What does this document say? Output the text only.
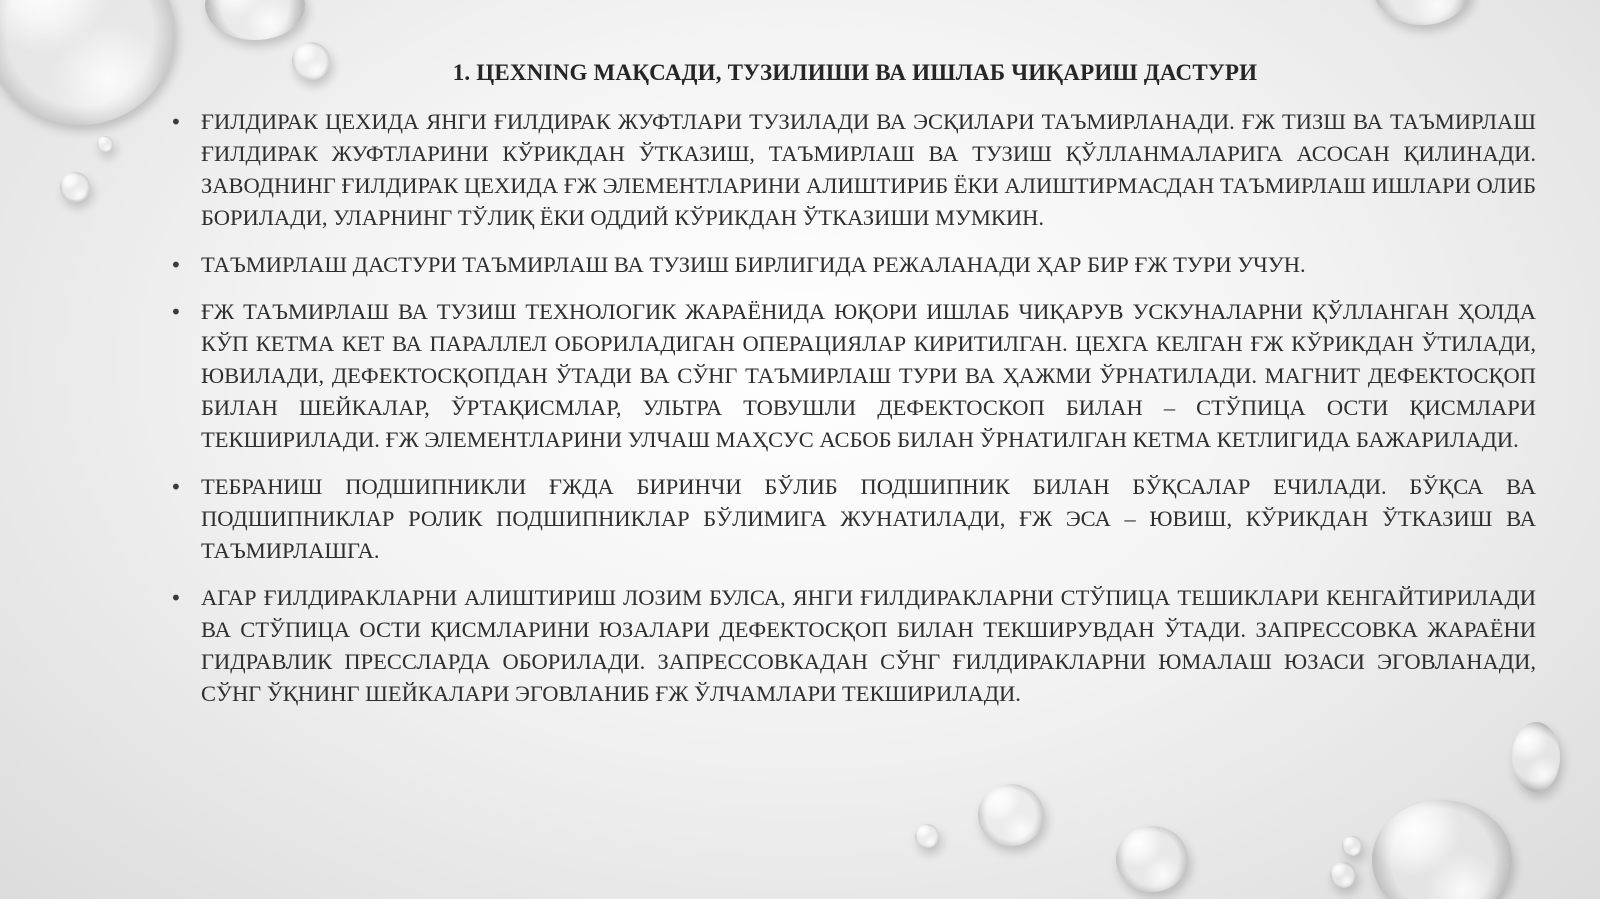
1. ЦЕXNING МАҚСАДИ, ТУЗИЛИШИ ВА ИШЛАБ ЧИҚАРИШ ДАСТУРИ
• ҒИЛДИРАК ЦЕХИДА ЯНГИ ҒИЛДИРАК ЖУФТЛАРИ ТУЗИЛАДИ ВА ЭСҚИЛАРИ ТАЪМИРЛАНАДИ. ҒЖ ТИЗШ ВА ТАЪМИРЛАШ ҒИЛДИРАК ЖУФТЛАРИНИ КЎРИКДАН ЎТКАЗИШ, ТАЪМИРЛАШ ВА ТУЗИШ ҚЎЛЛАНМАЛАРИГА АСОСАН ҚИЛИНАДИ. ЗАВОДНИНГ ҒИЛДИРАК ЦЕХИДА ҒЖ ЭЛЕМЕНТЛАРИНИ АЛИШТИРИБ ЁКИ АЛИШТИРМАСДАН ТАЪМИРЛАШ ИШЛАРИ ОЛИБ БОРИЛАДИ, УЛАРНИНГ ТЎЛИҚ ЁКИ ОДДИЙ КЎРИКДАН ЎТКАЗИШИ МУМКИН.
• ТАЪМИРЛАШ ДАСТУРИ ТАЪМИРЛАШ ВА ТУЗИШ БИРЛИГИДА РЕЖАЛАНАДИ ҲАР БИР ҒЖ ТУРИ УЧУН.
• ҒЖ ТАЪМИРЛАШ ВА ТУЗИШ ТЕХНОЛОГИК ЖАРАЁНИДА ЮҚОРИ ИШЛАБ ЧИҚАРУВ УСКУНАЛАРНИ ҚЎЛЛАНГАН ҲОЛДА КЎП КЕТМА КЕТ ВА ПАРАЛЛЕЛ ОБОРИЛАДИГАН ОПЕРАЦИЯЛАР КИРИТИЛГАН. ЦЕХГА КЕЛГАН ҒЖ КЎРИКДАН ЎТИЛАДИ, ЮВИЛАДИ, ДЕФЕКТОСҚОПДАН ЎТАДИ ВА СЎНГ ТАЪМИРЛАШ ТУРИ ВА ҲАЖМИ ЎРНАТИЛАДИ. МАГНИТ ДЕФЕКТОСҚОП БИЛАН ШЕЙКАЛАР, ЎРТАҚИСМЛАР, УЛЬТРА ТОВУШЛИ ДЕФЕКТОСКОП БИЛАН – СТЎПИЦА ОСТИ ҚИСМЛАРИ ТЕКШИРИЛАДИ. ҒЖ ЭЛЕМЕНТЛАРИНИ УЛЧАШ МАҲСУС АСБОБ БИЛАН ЎРНАТИЛГАН КЕТМА КЕТЛИГИДА БАЖАРИЛАДИ.
• ТЕБРАНИШ ПОДШИПНИКЛИ ҒЖДА БИРИНЧИ БЎЛИБ ПОДШИПНИК БИЛАН БЎҚСАЛАР ЕЧИЛАДИ. БЎҚСА ВА ПОДШИПНИКЛАР РОЛИК ПОДШИПНИКЛАР БЎЛИМИГА ЖУНАТИЛАДИ, ҒЖ ЭСА – ЮВИШ, КЎРИКДАН ЎТКАЗИШ ВА ТАЪМИРЛАШГА.
• АГАР ҒИЛДИРАКЛАРНИ АЛИШТИРИШ ЛОЗИМ БУЛСА, ЯНГИ ҒИЛДИРАКЛАРНИ СТЎПИЦА ТЕШИКЛАРИ КЕНГАЙТИРИЛАДИ ВА СТЎПИЦА ОСТИ ҚИСМЛАРИНИ ЮЗАЛАРИ ДЕФЕКТОСҚОП БИЛАН ТЕКШИРУВДАН ЎТАДИ. ЗАПРЕССОВКА ЖАРАЁНИ ГИДРАВЛИК ПРЕССЛАРДА ОБОРИЛАДИ. ЗАПРЕССОВКАДАН СЎНГ ҒИЛДИРАКЛАРНИ ЮМАЛАШ ЮЗАСИ ЭГОВЛАНАДИ, СЎНГ ЎҚНИНГ ШЕЙКАЛАРИ ЭГОВЛАНИБ ҒЖ ЎЛЧАМЛАРИ ТЕКШИРИЛАДИ.
